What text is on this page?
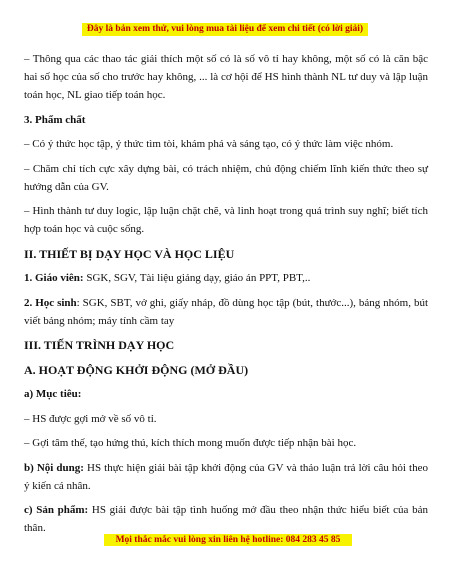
Đây là bản xem thử, vui lòng mua tài liệu để xem chi tiết (có lời giải)

– Thông qua các thao tác giải thích một số có là số vô tỉ hay không, một số có là căn bậc hai số học của số cho trước hay không, ... là cơ hội để HS hình thành NL tư duy và lập luận toán học, NL giao tiếp toán học.

3. Phẩm chất

– Có ý thức học tập, ý thức tìm tòi, khám phá và sáng tạo, có ý thức làm việc nhóm.

– Chăm chỉ tích cực xây dựng bài, có trách nhiệm, chủ động chiếm lĩnh kiến thức theo sự hướng dẫn của GV.

– Hình thành tư duy logic, lập luận chặt chẽ, và linh hoạt trong quá trình suy nghĩ; biết tích hợp toán học và cuộc sống.

II. THIẾT BỊ DẠY HỌC VÀ HỌC LIỆU

1. Giáo viên: SGK, SGV, Tài liệu giảng dạy, giáo án PPT, PBT,..

2. Học sinh: SGK, SBT, vở ghi, giấy nháp, đồ dùng học tập (bút, thước...), bảng nhóm, bút viết bảng nhóm; máy tính cầm tay

III. TIẾN TRÌNH DẠY HỌC
A. HOẠT ĐỘNG KHỞI ĐỘNG (MỞ ĐẦU)
a) Mục tiêu:

– HS được gợi mở về số vô tỉ.

– Gợi tâm thế, tạo hứng thú, kích thích mong muốn được tiếp nhận bài học.

b) Nội dung: HS thực hiện giải bài tập khởi động của GV và thảo luận trả lời câu hỏi theo ý kiến cá nhân.

c) Sản phẩm: HS giải được bài tập tình huống mở đầu theo nhận thức hiểu biết của bản thân.

Mọi thắc mắc vui lòng xin liên hệ hotline: 084 283 45 85
